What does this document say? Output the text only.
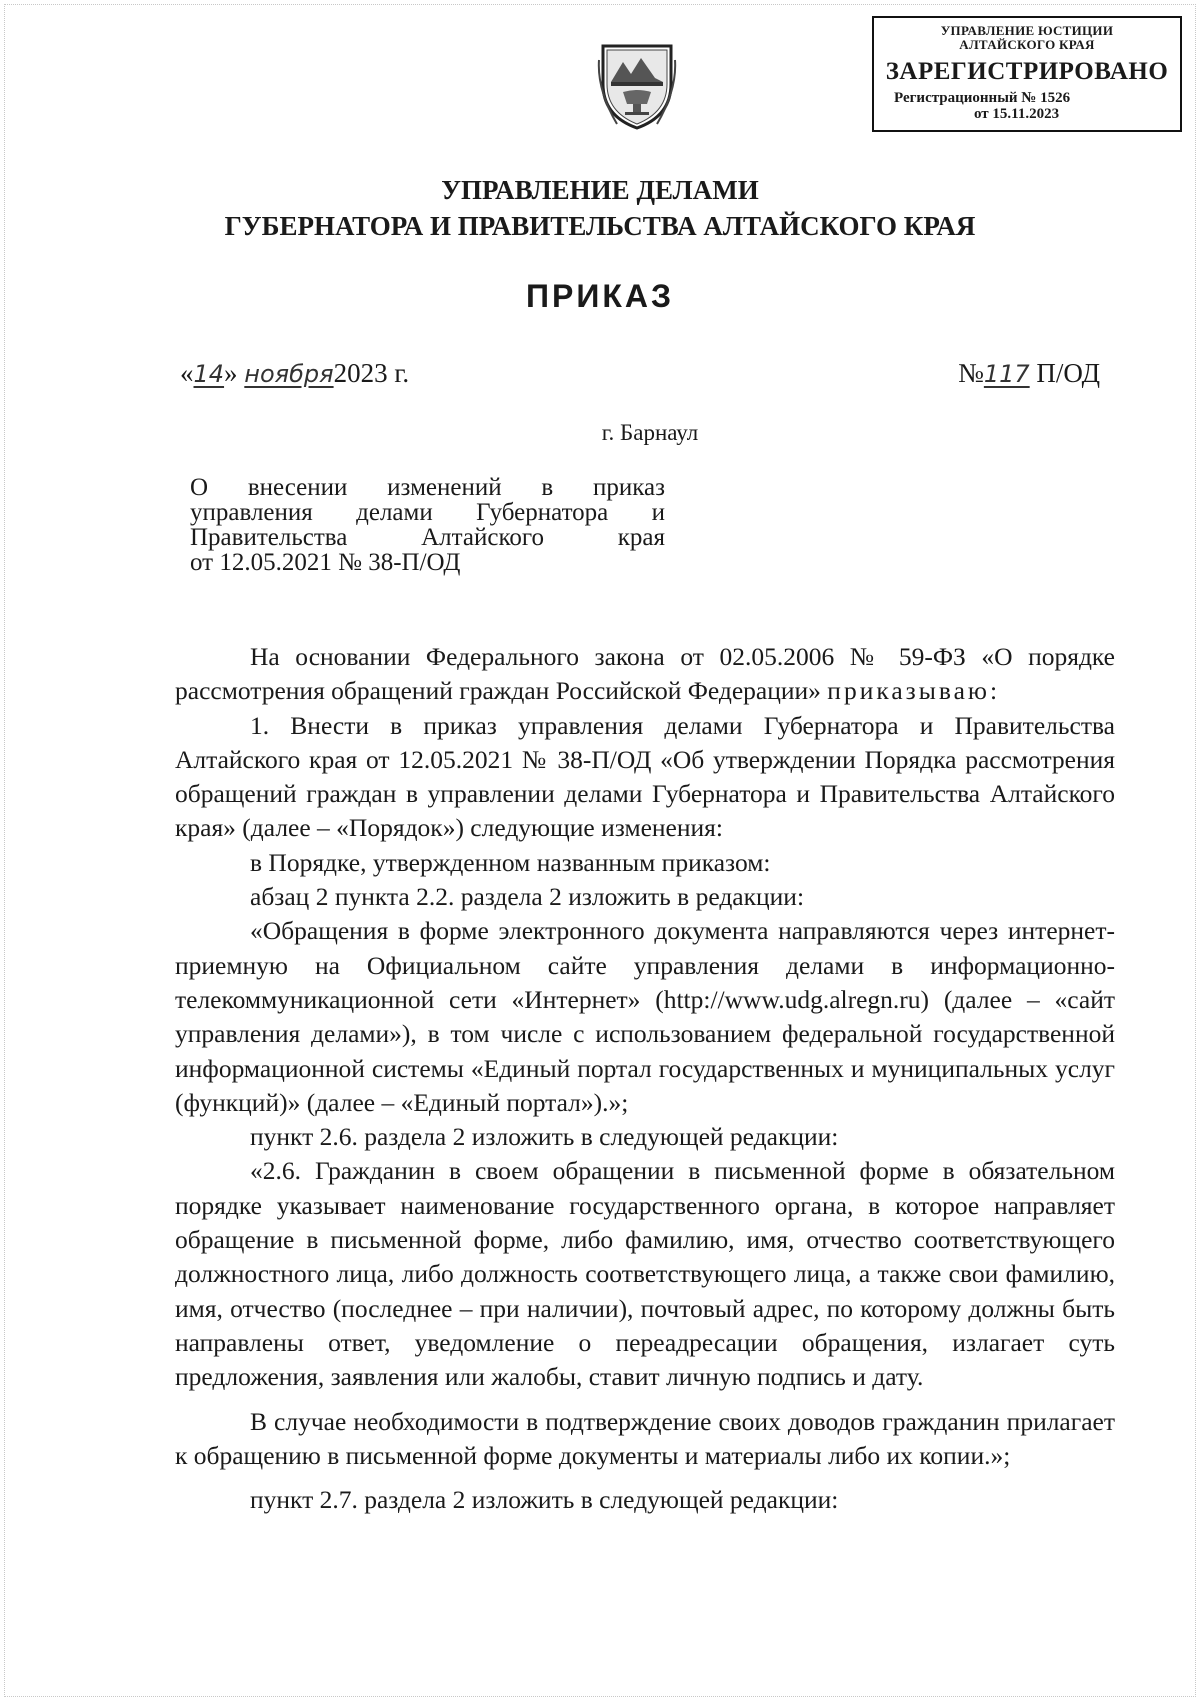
УПРАВЛЕНИЕ ЮСТИЦИИ
АЛТАЙСКОГО КРАЯ
ЗАРЕГИСТРИРОВАНО
Регистрационный № 1526
от 15.11.2023
УПРАВЛЕНИЕ ДЕЛАМИ
ГУБЕРНАТОРА И ПРАВИТЕЛЬСТВА АЛТАЙСКОГО КРАЯ
ПРИКАЗ
«14» ноября2023 г.	№117 П/ОД
г. Барнаул
О внесении изменений в приказ
управления делами Губернатора и
Правительства Алтайского края
от 12.05.2021 № 38-П/ОД

На основании Федерального закона от 02.05.2006 № 59-ФЗ «О порядке рассмотрения обращений граждан Российской Федерации» приказываю:

1. Внести в приказ управления делами Губернатора и Правительства Алтайского края от 12.05.2021 № 38-П/ОД «Об утверждении Порядка рассмотрения обращений граждан в управлении делами Губернатора и Правительства Алтайского края» (далее – «Порядок») следующие изменения:

в Порядке, утвержденном названным приказом:

абзац 2 пункта 2.2. раздела 2 изложить в редакции:

«Обращения в форме электронного документа направляются через интернет-приемную на Официальном сайте управления делами в информационно-телекоммуникационной сети «Интернет» (http://www.udg.alregn.ru) (далее – «сайт управления делами»), в том числе с использованием федеральной государственной информационной системы «Единый портал государственных и муниципальных услуг (функций)» (далее – «Единый портал»).»;

пункт 2.6. раздела 2 изложить в следующей редакции:

«2.6. Гражданин в своем обращении в письменной форме в обязательном порядке указывает наименование государственного органа, в которое направляет обращение в письменной форме, либо фамилию, имя, отчество соответствующего должностного лица, либо должность соответствующего лица, а также свои фамилию, имя, отчество (последнее – при наличии), почтовый адрес, по которому должны быть направлены ответ, уведомление о переадресации обращения, излагает суть предложения, заявления или жалобы, ставит личную подпись и дату.

В случае необходимости в подтверждение своих доводов гражданин прилагает к обращению в письменной форме документы и материалы либо их копии.»;

пункт 2.7. раздела 2 изложить в следующей редакции:
